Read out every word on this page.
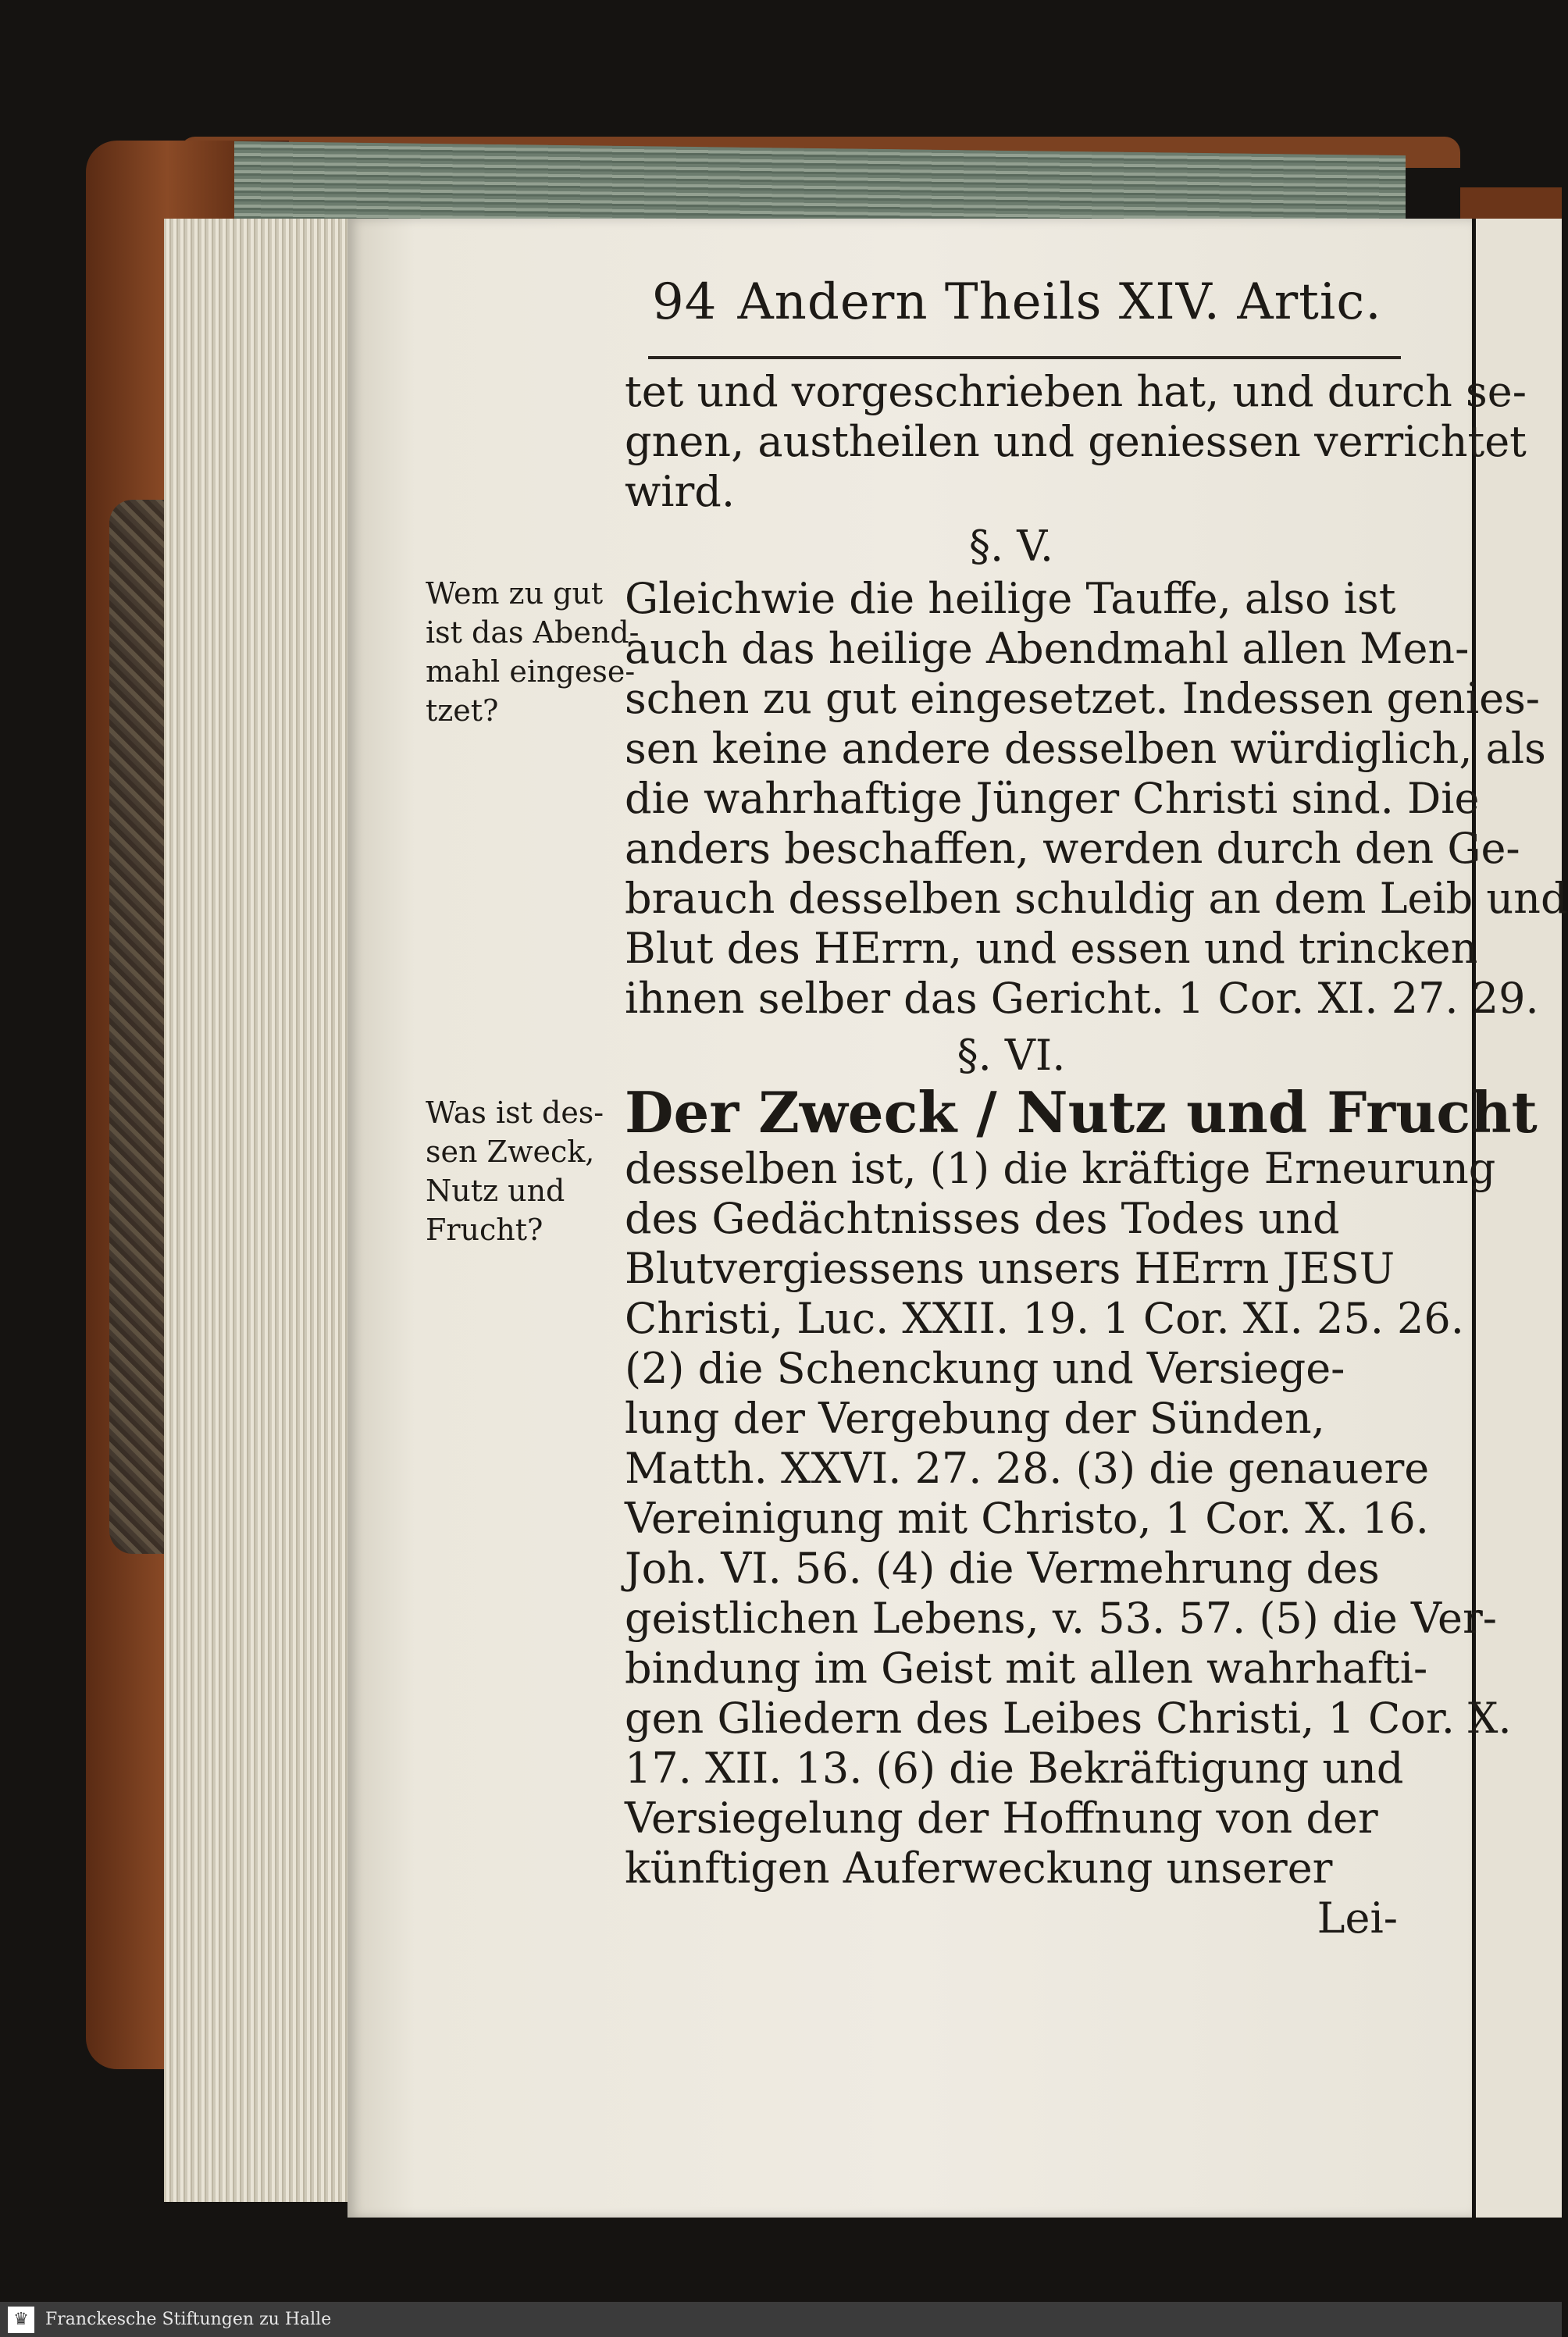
94 Andern Theils XIV. Artic.
tet und vorgeschrieben hat, und durch se-
gnen, austheilen und geniessen verrichtet
wird.
§. V.
Gleichwie die heilige Tauffe, also ist
auch das heilige Abendmahl allen Men-
schen zu gut eingesetzet. Indessen genies-
sen keine andere desselben würdiglich, als
die wahrhaftige Jünger Christi sind. Die
anders beschaffen, werden durch den Ge-
brauch desselben schuldig an dem Leib und
Blut des HErrn, und essen und trincken
ihnen selber das Gericht. 1 Cor. XI. 27. 29.
§. VI.
Der Zweck / Nutz und Frucht
desselben ist, (1) die kräftige Erneurung
des Gedächtnisses des Todes und
Blutvergiessens unsers HErrn JESU
Christi, Luc. XXII. 19. 1 Cor. XI. 25. 26.
(2) die Schenckung und Versiege-
lung der Vergebung der Sünden,
Matth. XXVI. 27. 28. (3) die genauere
Vereinigung mit Christo, 1 Cor. X. 16.
Joh. VI. 56. (4) die Vermehrung des
geistlichen Lebens, v. 53. 57. (5) die Ver-
bindung im Geist mit allen wahrhafti-
gen Gliedern des Leibes Christi, 1 Cor. X.
17. XII. 13. (6) die Bekräftigung und
Versiegelung der Hoffnung von der
künftigen Auferweckung unserer
Lei-
Wem zu gut
ist das Abend-
mahl eingese-
tzet?
Was ist des-
sen Zweck,
Nutz und
Frucht?
♛ Franckesche Stiftungen zu Halle
